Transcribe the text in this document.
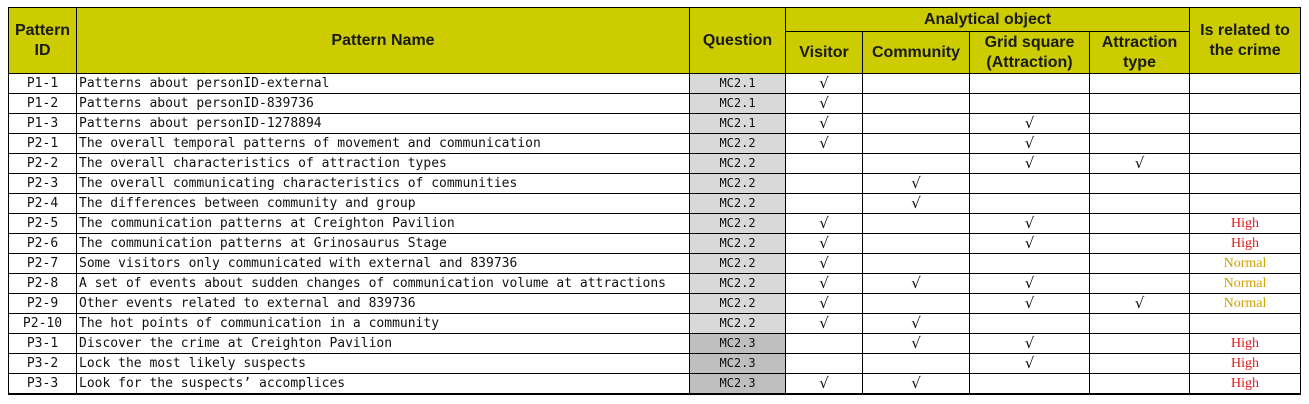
Pattern ID	Pattern Name	Question	Analytical object				Is related to the crime
			Visitor	Community	Grid square (Attraction)	Attraction type	
P1-1	Patterns about personID-external	MC2.1	√				
P1-2	Patterns about personID-839736	MC2.1	√				
P1-3	Patterns about personID-1278894	MC2.1	√		√		
P2-1	The overall temporal patterns of movement and communication	MC2.2	√		√		
P2-2	The overall characteristics of attraction types	MC2.2			√	√	
P2-3	The overall communicating characteristics of communities	MC2.2		√			
P2-4	The differences between community and group	MC2.2		√			
P2-5	The communication patterns at Creighton Pavilion	MC2.2	√		√		High
P2-6	The communication patterns at Grinosaurus Stage	MC2.2	√		√		High
P2-7	Some visitors only communicated with external and 839736	MC2.2	√				Normal
P2-8	A set of events about sudden changes of communication volume at attractions	MC2.2	√	√	√		Normal
P2-9	Other events related to external and 839736	MC2.2	√		√	√	Normal
P2-10	The hot points of communication in a community	MC2.2	√	√			
P3-1	Discover the crime at Creighton Pavilion	MC2.3		√	√		High
P3-2	Lock the most likely suspects	MC2.3			√		High
P3-3	Look for the suspects’ accomplices	MC2.3	√	√			High
